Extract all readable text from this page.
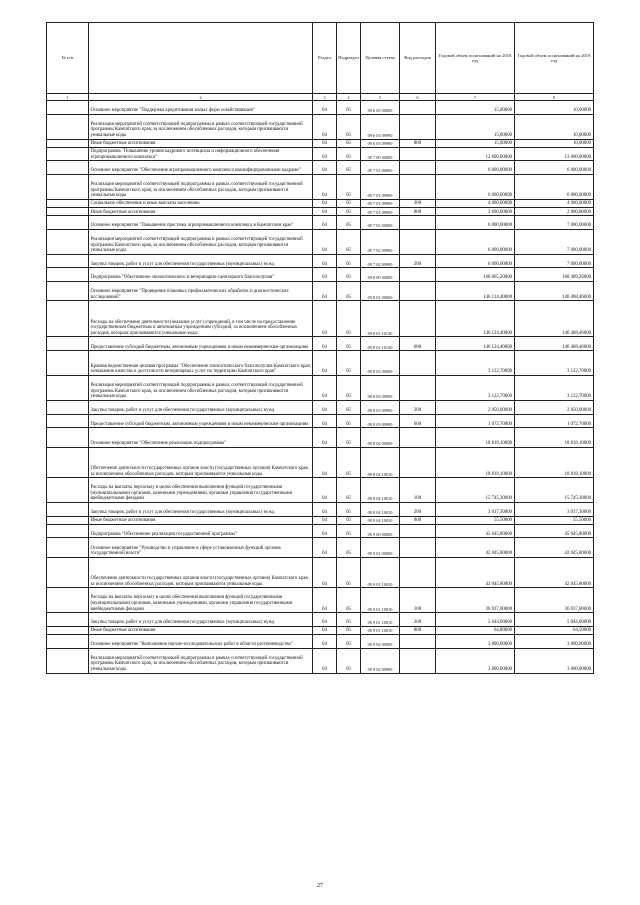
№ п/п		Раздел	Подраздел	Целевая статья	Вид расходов	Годовой объем ассигнований на 2018 год	Годовой объем ассигнований на 2019 год
1	2	3	4	5	6	7	8
	Основное мероприятие "Поддержка кредитования малых форм хозяйствования"	04	05	09 6 03 00000		15,00000	10,00000
	Реализация мероприятий соответствующей подпрограммы в рамках соответствующей государственной программы Камчатского края, за исключением обособленных расходов, которым присваиваются уникальные коды	04	05	09 6 03 09990		15,00000	10,00000
	Иные бюджетные ассигнования	04	05	09 6 03 09990	800	15,00000	10,00000
	Подпрограмма "Повышение уровня кадрового потенциала и информационного обеспечения агропромышленного комплекса"	04	05	09 7 00 00000		12 600,00000	13 000,00000
	Основное мероприятие "Обеспечение агропромышленного комплекса квалифицированными кадрами"	04	05	09 7 01 00000		6 600,00000	6 000,00000
	Реализация мероприятий соответствующей подпрограммы в рамках соответствующей государственной программы Камчатского края, за исключением обособленных расходов, которым присваиваются уникальные коды	04	05	09 7 01 09990		6 600,00000	6 000,00000
	Социальное обеспечение и иные выплаты населению	04	05	09 7 01 09990	300	4 000,00000	4 000,00000
	Иные бюджетные ассигнования	04	05	09 7 01 09990	800	2 600,00000	2 000,00000
	Основное мероприятие "Повышение престижа агропромышленного комплекса в Камчатском крае"	04	05	09 7 02 00000		6 000,00000	7 000,00000
	Реализация мероприятий соответствующей подпрограммы в рамках соответствующей государственной программы Камчатского края, за исключением обособленных расходов, которым присваиваются уникальные коды	04	05	09 7 02 09990		6 000,00000	7 000,00000
	Закупка товаров, работ и услуг для обеспечения государственных (муниципальных) нужд	04	05	09 7 02 09990	200	6 000,00000	7 000,00000
	Подпрограмма "Обеспечение эпизоотического и ветеринарно-санитарного благополучия"	04	05	09 8 00 00000		168 065,20000	168 409,26000
	Основное мероприятие "Проведение плановых профилактических обработок и диагностических исследований"	04	05	09 8 01 00000		146 124,40000	146 468,46000
	Расходы на обеспечение деятельности (оказание услуг) учреждений, в том числе на предоставление государственным бюджетным и автономным учреждениям субсидий, за исключением обособленных расходов, которым присваиваются уникальные коды	04	05	09 8 01 10140		146 124,40000	146 468,46000
	Предоставление субсидий бюджетным, автономным учреждениям и иным некоммерческим организациям	04	05	09 8 01 10140	600	146 124,40000	146 468,46000
	Краевая ведомственная целевая программа "Обеспечение эпизоотического благополучия Камчатского края, повышение качества и доступности ветеринарных услуг на территории Камчатского края"	04	05	09 8 03 00000		3 122,70000	3 122,70000
	Реализация мероприятий соответствующей подпрограммы в рамках соответствующей государственной программы Камчатского края, за исключением обособленных расходов, которым присваиваются уникальные коды	04	05	09 8 03 09990		3 122,70000	3 122,70000
	Закупка товаров, работ и услуг для обеспечения государственных (муниципальных) нужд	04	05	09 8 03 09990	200	2 050,00000	2 050,00000
	Предоставление субсидий бюджетным, автономным учреждениям и иным некоммерческим организациям	04	05	09 8 03 09990	600	1 072,70000	1 072,70000
	Основное мероприятие "Обеспечение реализации подпрограммы"	04	05	09 8 04 00000		18 818,10000	18 818,10000
	Обеспечение деятельности государственных органов власти (государственных органов) Камчатского края, за исключением обособленных расходов, которым присваиваются уникальные коды.	04	05	09 8 04 10010		18 818,10000	18 818,10000
	Расходы на выплаты персоналу в целях обеспечения выполнения функций государственными (муниципальными) органами, казенными учреждениями, органами управления государственными внебюджетными фондами	04	05	09 8 04 10010	100	15 745,30000	15 745,30000
	Закупка товаров, работ и услуг для обеспечения государственных (муниципальных) нужд	04	05	09 8 04 10010	200	3 017,30000	3 017,30000
	Иные бюджетные ассигнования	04	05	09 8 04 10010	800	55,50000	55,50000
	Подпрограмма "Обеспечение реализации государственной программы"	04	05	09 9 00 00000		45 045,80000	45 045,80000
	Основное мероприятие "Руководство и управление в сфере установленных функций органов государственной власти"	04	05	09 9 01 00000		42 045,80000	42 045,80000
	Обеспечение деятельности государственных органов власти (государственных органов) Камчатского края, за исключением обособленных расходов, которым присваиваются уникальные коды.	04	05	09 9 01 10010		42 045,80000	42 045,80000
	Расходы на выплаты персоналу в целях обеспечения выполнения функций государственными (муниципальными) органами, казенными учреждениями, органами управления государственными внебюджетными фондами	04	05	09 9 01 10010	100	36 937,00000	36 937,00000
	Закупка товаров, работ и услуг для обеспечения государственных (муниципальных) нужд	04	05	09 9 01 10010	200	5 044,00000	5 044,00000
	Иные бюджетные ассигнования	04	05	09 9 01 10010	800	64,80000	64,50000
	Основное мероприятие "Выполнение научно-исследовательских работ в области растениеводства"	04	05	09 9 02 00000		3 000,00000	3 000,00000
	Реализация мероприятий соответствующей подпрограммы в рамках соответствующей государственной программы Камчатского края, за исключением обособленных расходов, которым присваиваются уникальные коды	04	05	09 9 02 09990		3 000,00000	3 000,00000
27
